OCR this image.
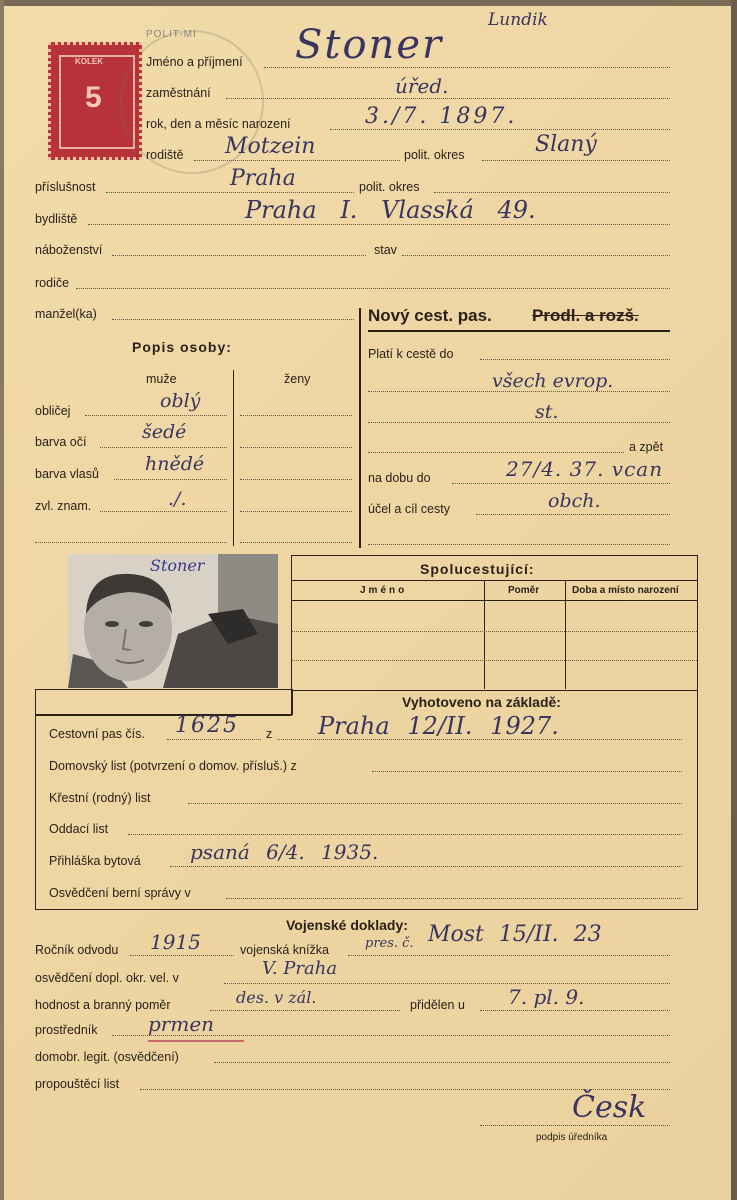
KOLEK
5
POLIT-MI
Lundik
Stoner
Jméno a příjmení
zaměstnání	úřed.
rok, den a měsíc narození	3./7. 1897.
rodiště Motzein	polit. okres	Slaný
příslušnost	Praha	polit. okres
bydliště	Praha I. Vlasská 49.
náboženství	stav
rodiče
manžel(ka)
Popis osoby:
muže	ženy
obličej	oblý
barva očí	šedé
barva vlasů hnědé
zvl. znam.	./.
Nový cest. pas. Prodl. a rozš.
Platí k cestě do
všech evrop.
st.
a zpět
na dobu do	27/4. 37. vcan
účel a cíl cesty	obch.
Stoner	Spolucestující:
Jméno	Poměr	Doba a místo narození
Vyhotoveno na základě:
Cestovní pas čís. 1625 z Praha 12/II. 1927.
Domovský list (potvrzení o domov. přísluš.) z
Křestní (rodný) list
Oddací list
Přihláška bytová psaná 6/4. 1935.
Osvědčení berní správy v
Vojenské doklady:
Ročník odvodu 1915	vojenská knížka	pres. č. Most 15/II. 23
osvědčení dopl. okr. vel. v	V. Praha
hodnost a branný poměr	des. v zál.	přidělen u 7. pl. 9.
prostředník	prmen
domobr. legit. (osvědčení)
propouštěcí list
Česk
podpis úředníka
